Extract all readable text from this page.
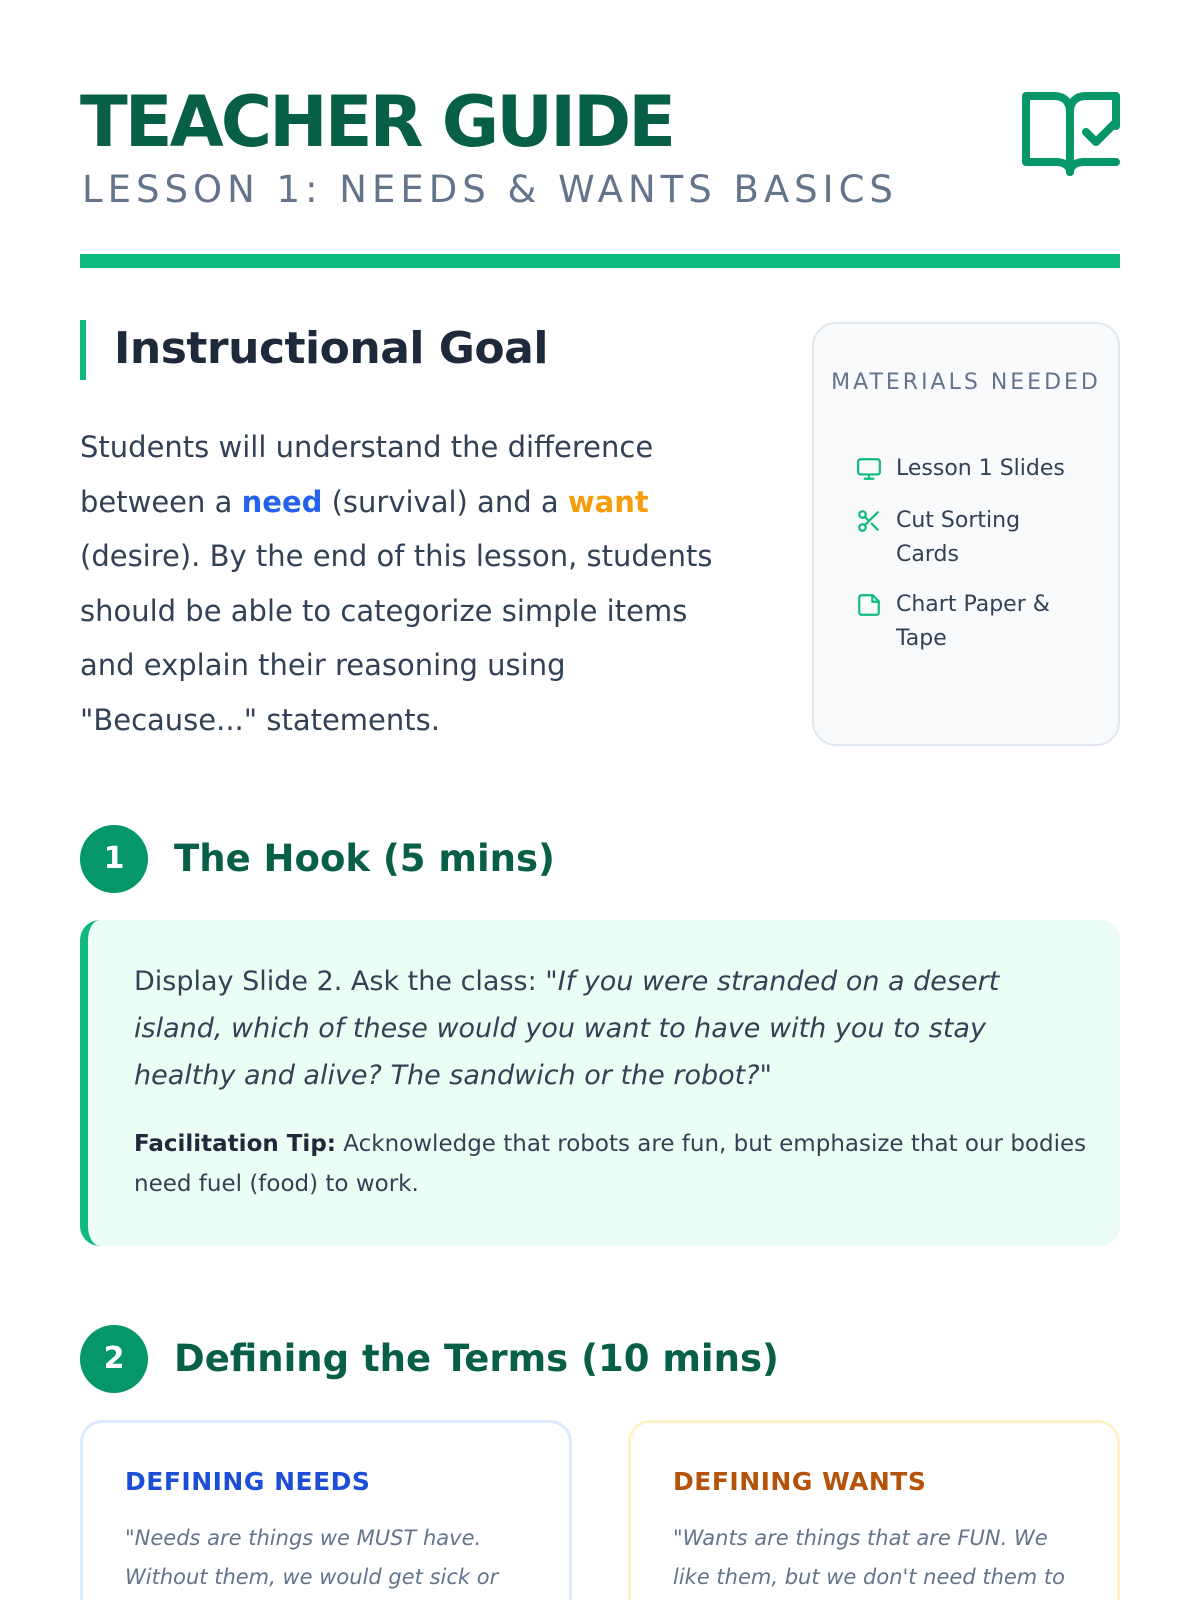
TEACHER GUIDE
LESSON 1: NEEDS & WANTS BASICS
Instructional Goal

Students will understand the difference between a need (survival) and a want (desire). By the end of this lesson, students should be able to categorize simple items and explain their reasoning using "Because..." statements.

MATERIALS NEEDED
Lesson 1 Slides
Cut Sorting Cards
Chart Paper & Tape
1	The Hook (5 mins)

Display Slide 2. Ask the class: "If you were stranded on a desert island, which of these would you want to have with you to stay healthy and alive? The sandwich or the robot?"

Facilitation Tip: Acknowledge that robots are fun, but emphasize that our bodies need fuel (food) to work.

2	Defining the Terms (10 mins)
DEFINING NEEDS
"Needs are things we MUST have. Without them, we would get sick or
DEFINING WANTS
"Wants are things that are FUN. We like them, but we don't need them to
